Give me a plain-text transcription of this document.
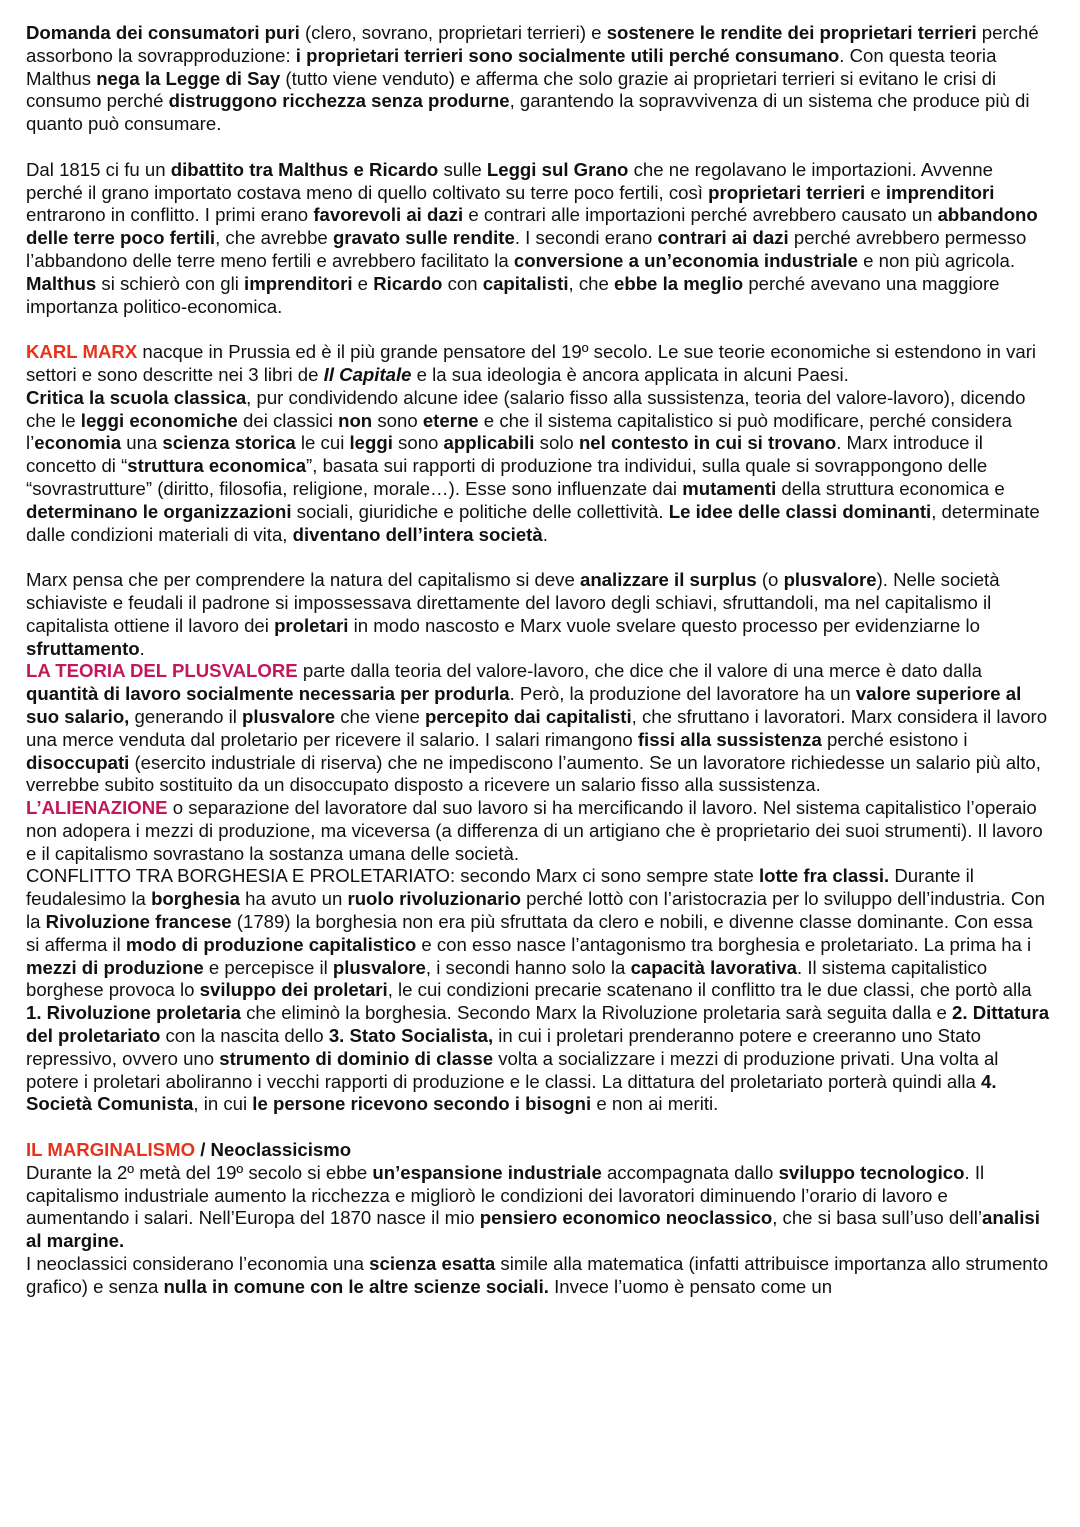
Domanda dei consumatori puri (clero, sovrano, proprietari terrieri) e sostenere le rendite dei proprietari terrieri perché assorbono la sovrapproduzione: i proprietari terrieri sono socialmente utili perché consumano. Con questa teoria Malthus nega la Legge di Say (tutto viene venduto) e afferma che solo grazie ai proprietari terrieri si evitano le crisi di consumo perché distruggono ricchezza senza produrne, garantendo la sopravvivenza di un sistema che produce più di quanto può consumare.

Dal 1815 ci fu un dibattito tra Malthus e Ricardo sulle Leggi sul Grano che ne regolavano le importazioni. Avvenne perché il grano importato costava meno di quello coltivato su terre poco fertili, così proprietari terrieri e imprenditori entrarono in conflitto. I primi erano favorevoli ai dazi e contrari alle importazioni perché avrebbero causato un abbandono delle terre poco fertili, che avrebbe gravato sulle rendite. I secondi erano contrari ai dazi perché avrebbero permesso l’abbandono delle terre meno fertili e avrebbero facilitato la conversione a un’economia industriale e non più agricola. Malthus si schierò con gli imprenditori e Ricardo con capitalisti, che ebbe la meglio perché avevano una maggiore importanza politico-economica.

KARL MARX nacque in Prussia ed è il più grande pensatore del 19º secolo. Le sue teorie economiche si estendono in vari settori e sono descritte nei 3 libri de Il Capitale e la sua ideologia è ancora applicata in alcuni Paesi.

Critica la scuola classica, pur condividendo alcune idee (salario fisso alla sussistenza, teoria del valore-lavoro), dicendo che le leggi economiche dei classici non sono eterne e che il sistema capitalistico si può modificare, perché considera l’economia una scienza storica le cui leggi sono applicabili solo nel contesto in cui si trovano. Marx introduce il concetto di “struttura economica”, basata sui rapporti di produzione tra individui, sulla quale si sovrappongono delle “sovrastrutture” (diritto, filosofia, religione, morale…). Esse sono influenzate dai mutamenti della struttura economica e determinano le organizzazioni sociali, giuridiche e politiche delle collettività. Le idee delle classi dominanti, determinate dalle condizioni materiali di vita, diventano dell’intera società.

Marx pensa che per comprendere la natura del capitalismo si deve analizzare il surplus (o plusvalore). Nelle società schiaviste e feudali il padrone si impossessava direttamente del lavoro degli schiavi, sfruttandoli, ma nel capitalismo il capitalista ottiene il lavoro dei proletari in modo nascosto e Marx vuole svelare questo processo per evidenziarne lo sfruttamento.

LA TEORIA DEL PLUSVALORE parte dalla teoria del valore-lavoro, che dice che il valore di una merce è dato dalla quantità di lavoro socialmente necessaria per produrla. Però, la produzione del lavoratore ha un valore superiore al suo salario, generando il plusvalore che viene percepito dai capitalisti, che sfruttano i lavoratori. Marx considera il lavoro una merce venduta dal proletario per ricevere il salario. I salari rimangono fissi alla sussistenza perché esistono i disoccupati (esercito industriale di riserva) che ne impediscono l’aumento. Se un lavoratore richiedesse un salario più alto, verrebbe subito sostituito da un disoccupato disposto a ricevere un salario fisso alla sussistenza.

L’ALIENAZIONE o separazione del lavoratore dal suo lavoro si ha mercificando il lavoro. Nel sistema capitalistico l’operaio non adopera i mezzi di produzione, ma viceversa (a differenza di un artigiano che è proprietario dei suoi strumenti). Il lavoro e il capitalismo sovrastano la sostanza umana delle società.

CONFLITTO TRA BORGHESIA E PROLETARIATO: secondo Marx ci sono sempre state lotte fra classi. Durante il feudalesimo la borghesia ha avuto un ruolo rivoluzionario perché lottò con l’aristocrazia per lo sviluppo dell’industria. Con la Rivoluzione francese (1789) la borghesia non era più sfruttata da clero e nobili, e divenne classe dominante. Con essa si afferma il modo di produzione capitalistico e con esso nasce l’antagonismo tra borghesia e proletariato. La prima ha i mezzi di produzione e percepisce il plusvalore, i secondi hanno solo la capacità lavorativa. Il sistema capitalistico borghese provoca lo sviluppo dei proletari, le cui condizioni precarie scatenano il conflitto tra le due classi, che portò alla 1. Rivoluzione proletaria che eliminò la borghesia. Secondo Marx la Rivoluzione proletaria sarà seguita dalla e 2. Dittatura del proletariato con la nascita dello 3. Stato Socialista, in cui i proletari prenderanno potere e creeranno uno Stato repressivo, ovvero uno strumento di dominio di classe volta a socializzare i mezzi di produzione privati. Una volta al potere i proletari aboliranno i vecchi rapporti di produzione e le classi. La dittatura del proletariato porterà quindi alla 4. Società Comunista, in cui le persone ricevono secondo i bisogni e non ai meriti.

IL MARGINALISMO / Neoclassicismo

Durante la 2º metà del 19º secolo si ebbe un’espansione industriale accompagnata dallo sviluppo tecnologico. Il capitalismo industriale aumento la ricchezza e migliorò le condizioni dei lavoratori diminuendo l’orario di lavoro e aumentando i salari. Nell’Europa del 1870 nasce il mio pensiero economico neoclassico, che si basa sull’uso dell’analisi al margine.

I neoclassici considerano l’economia una scienza esatta simile alla matematica (infatti attribuisce importanza allo strumento grafico) e senza nulla in comune con le altre scienze sociali. Invece l’uomo è pensato come un
